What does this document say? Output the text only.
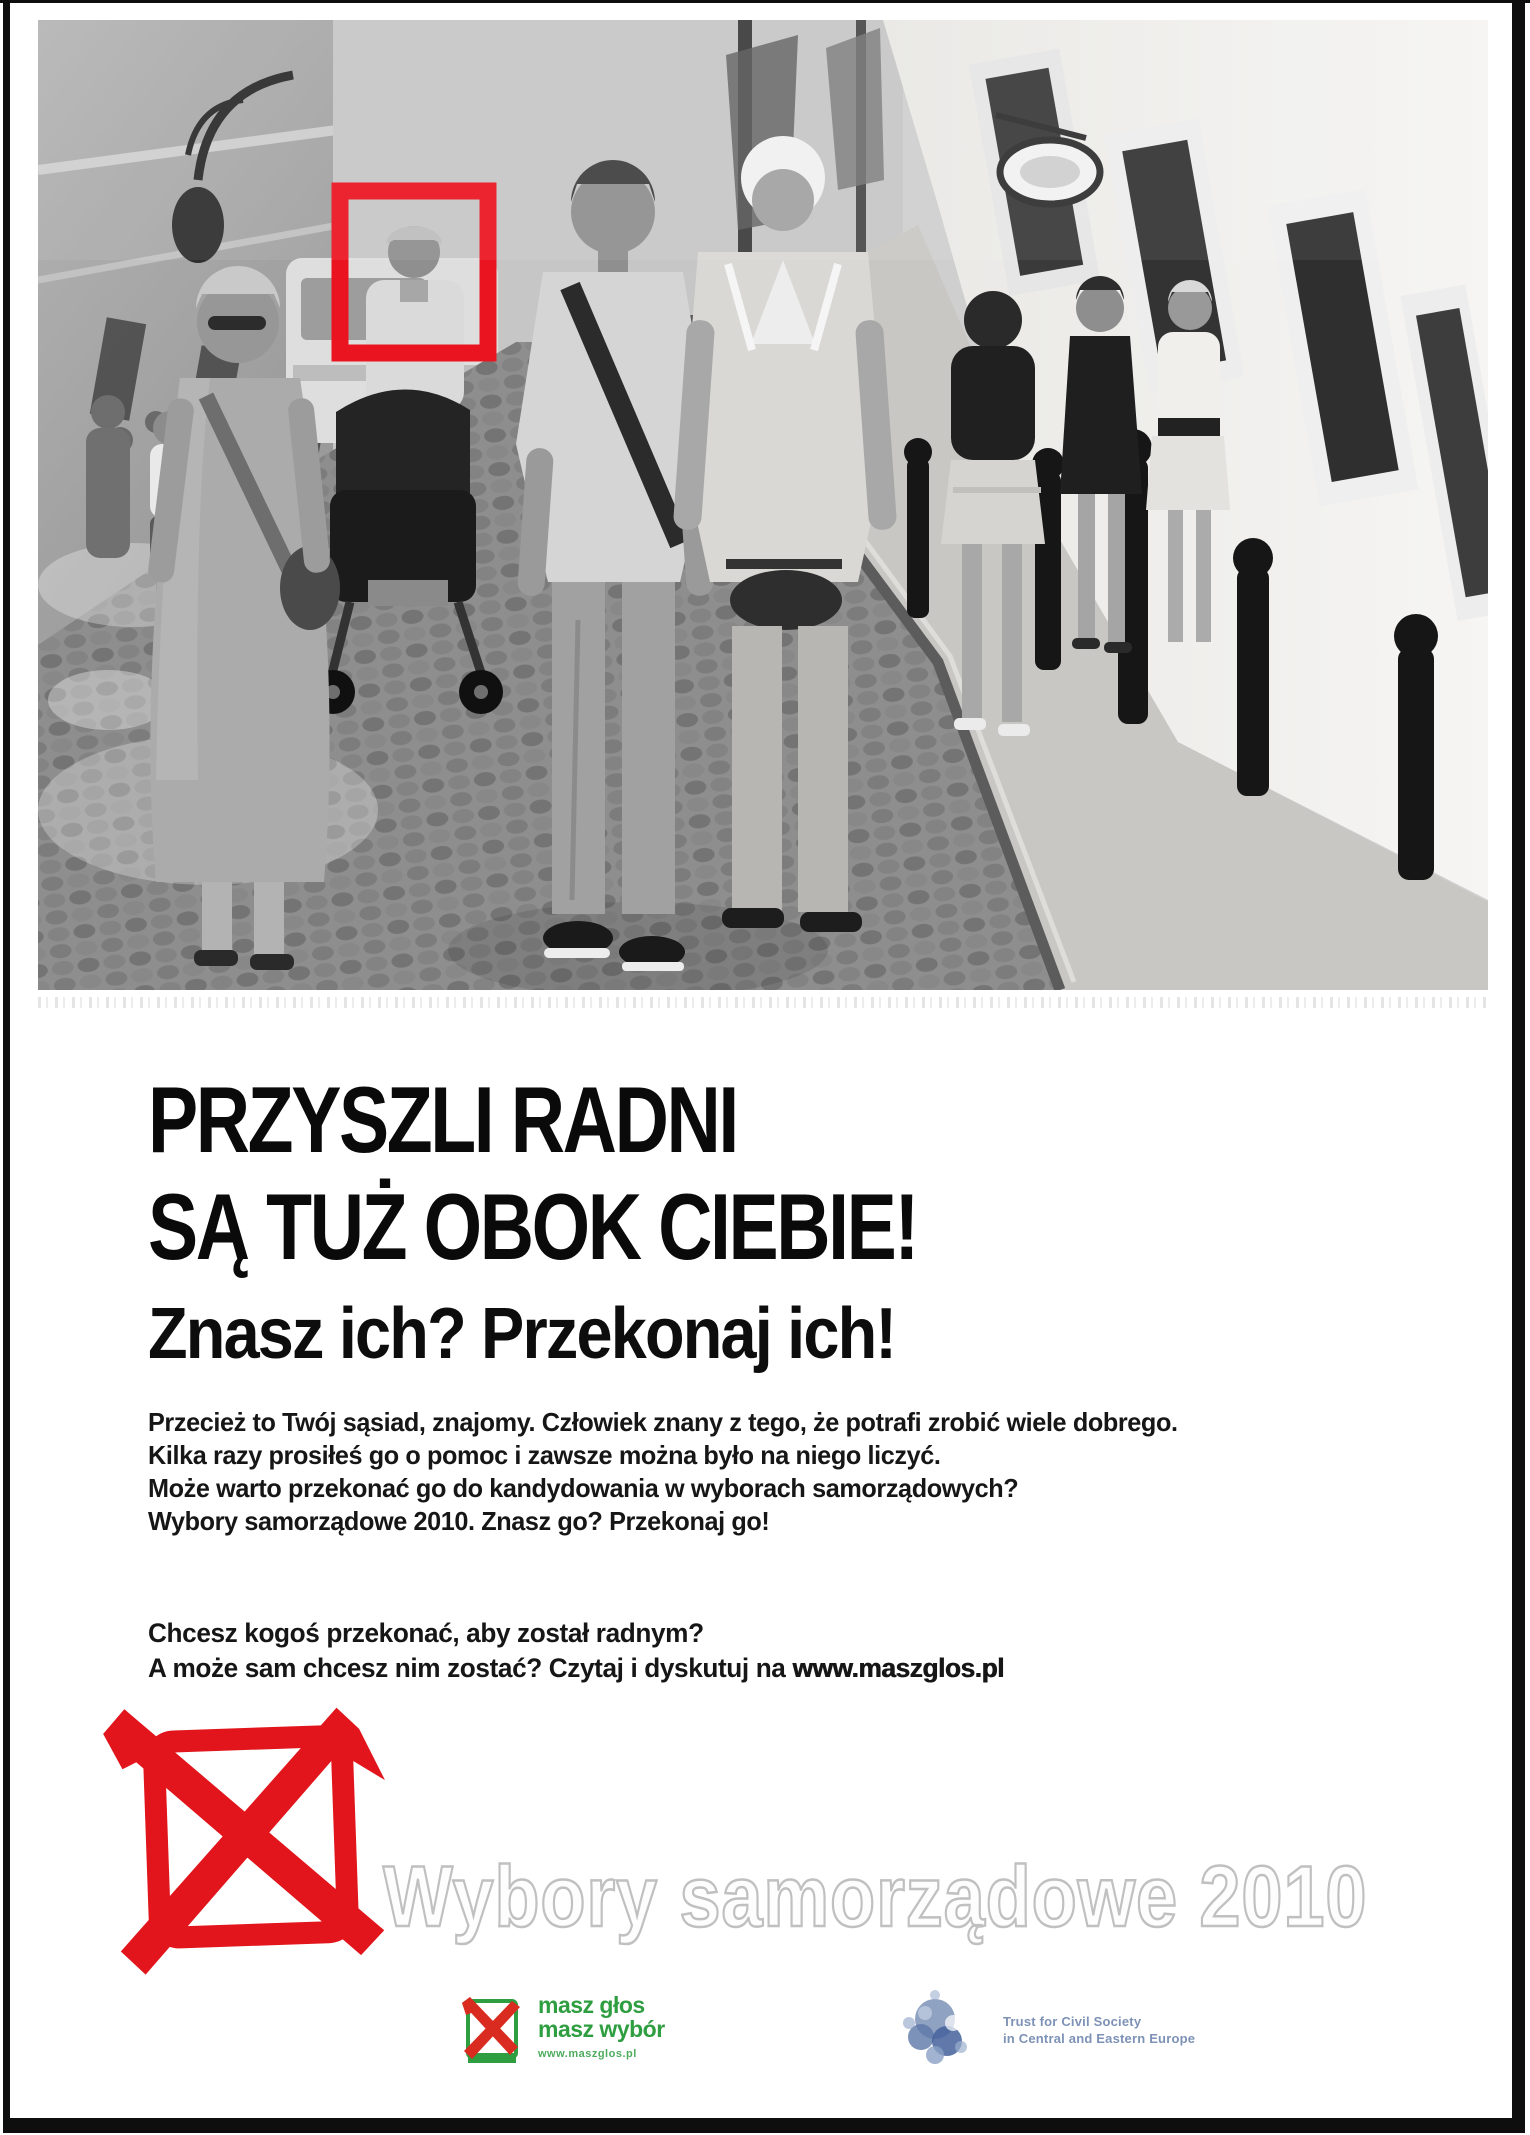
PRZYSZLI RADNI
SĄ TUŻ OBOK CIEBIE!
Znasz ich? Przekonaj ich!
Przecież to Twój sąsiad, znajomy. Człowiek znany z tego, że potrafi zrobić wiele dobrego.
Kilka razy prosiłeś go o pomoc i zawsze można było na niego liczyć.
Może warto przekonać go do kandydowania w wyborach samorządowych?
Wybory samorządowe 2010. Znasz go? Przekonaj go!
Chcesz kogoś przekonać, aby został radnym?
A może sam chcesz nim zostać? Czytaj i dyskutuj na www.maszglos.pl
Wybory samorządowe 2010
masz głos
masz wybór
www.maszglos.pl
Trust for Civil Society
in Central and Eastern Europe
